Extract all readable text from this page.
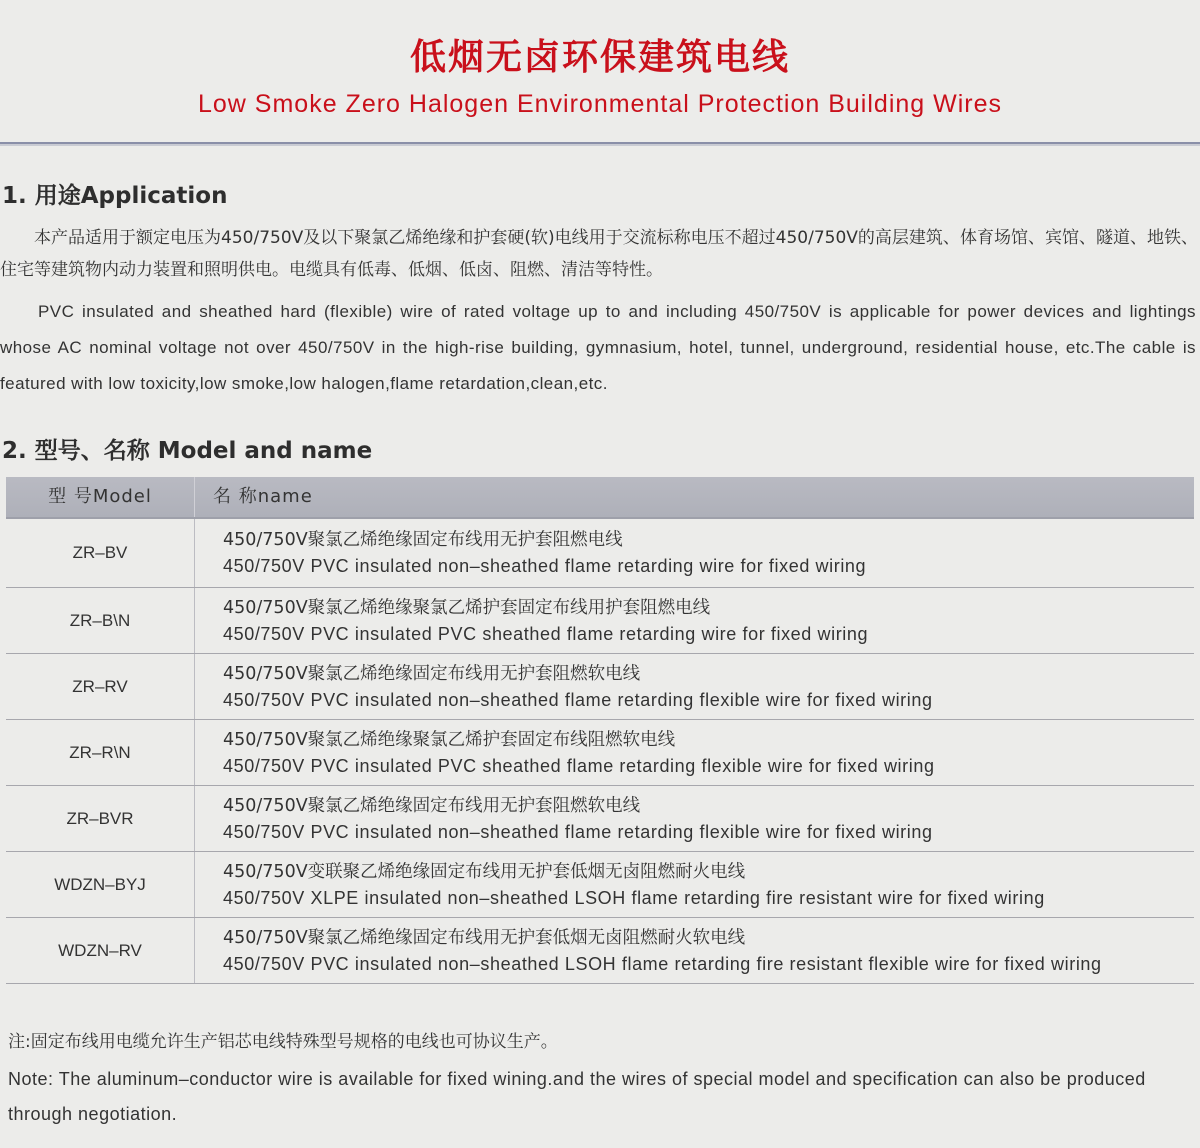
低烟无卤环保建筑电线
Low Smoke Zero Halogen Environmental Protection Building Wires
1. 用途Application
本产品适用于额定电压为450/750V及以下聚氯乙烯绝缘和护套硬(软)电线用于交流标称电压不超过450/750V的高层建筑、体育场馆、宾馆、隧道、地铁、住宅等建筑物内动力装置和照明供电。电缆具有低毒、低烟、低卤、阻燃、清洁等特性。
PVC insulated and sheathed hard (flexible) wire of rated voltage up to and including 450/750V is applicable for power devices and lightings whose AC nominal voltage not over 450/750V in the high-rise building, gymnasium, hotel, tunnel, underground, residential house, etc.The cable is featured with low toxicity,low smoke,low halogen,flame retardation,clean,etc.
2. 型号、名称 Model and name
型 号Model	名 称name
ZR–BV
450/750V聚氯乙烯绝缘固定布线用无护套阻燃电线
450/750V PVC insulated non–sheathed flame retarding wire for fixed wiring
ZR–B\N
450/750V聚氯乙烯绝缘聚氯乙烯护套固定布线用护套阻燃电线
450/750V PVC insulated PVC sheathed flame retarding wire for fixed wiring
ZR–RV
450/750V聚氯乙烯绝缘固定布线用无护套阻燃软电线
450/750V PVC insulated non–sheathed flame retarding flexible wire for fixed wiring
ZR–R\N
450/750V聚氯乙烯绝缘聚氯乙烯护套固定布线阻燃软电线
450/750V PVC insulated PVC sheathed flame retarding flexible wire for fixed wiring
ZR–BVR
450/750V聚氯乙烯绝缘固定布线用无护套阻燃软电线
450/750V PVC insulated non–sheathed flame retarding flexible wire for fixed wiring
WDZN–BYJ
450/750V变联聚乙烯绝缘固定布线用无护套低烟无卤阻燃耐火电线
450/750V XLPE insulated non–sheathed LSOH flame retarding fire resistant wire for fixed wiring
WDZN–RV
450/750V聚氯乙烯绝缘固定布线用无护套低烟无卤阻燃耐火软电线
450/750V PVC insulated non–sheathed LSOH flame retarding fire resistant flexible wire for fixed wiring
注:固定布线用电缆允许生产铝芯电线特殊型号规格的电线也可协议生产。
Note: The aluminum–conductor wire is available for fixed wining.and the wires of special model and specification can also be produced through negotiation.
